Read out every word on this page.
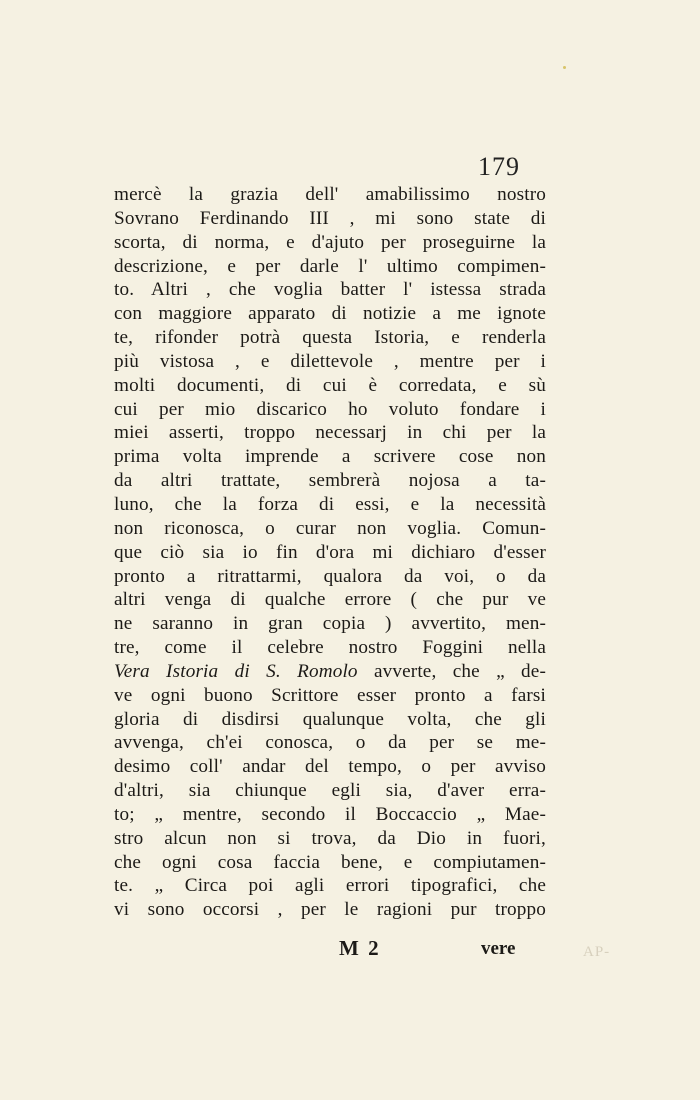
179
mercè la grazia dell' amabilissimo nostro
Sovrano Ferdinando III , mi sono state di
scorta, di norma, e d'ajuto per proseguirne la
descrizione, e per darle l' ultimo compimen-
to. Altri , che voglia batter l' istessa strada
con maggiore apparato di notizie a me ignote
te, rifonder potrà questa Istoria, e renderla
più vistosa , e dilettevole , mentre per i
molti documenti, di cui è corredata, e sù
cui per mio discarico ho voluto fondare i
miei asserti, troppo necessarj in chi per la
prima volta imprende a scrivere cose non
da altri trattate, sembrerà nojosa a ta-
luno, che la forza di essi, e la necessità
non riconosca, o curar non voglia. Comun-
que ciò sia io fin d'ora mi dichiaro d'esser
pronto a ritrattarmi, qualora da voi, o da
altri venga di qualche errore ( che pur ve
ne saranno in gran copia ) avvertito, men-
tre, come il celebre nostro Foggini nella
Vera Istoria di S. Romolo avverte, che „ de-
ve ogni buono Scrittore esser pronto a farsi
gloria di disdirsi qualunque volta, che gli
avvenga, ch'ei conosca, o da per se me-
desimo coll' andar del tempo, o per avviso
d'altri, sia chiunque egli sia, d'aver erra-
to; „ mentre, secondo il Boccaccio „ Mae-
stro alcun non si trova, da Dio in fuori,
che ogni cosa faccia bene, e compiutamen-
te. „ Circa poi agli errori tipografici, che
vi sono occorsi , per le ragioni pur troppo
M 2	vere	AP-
